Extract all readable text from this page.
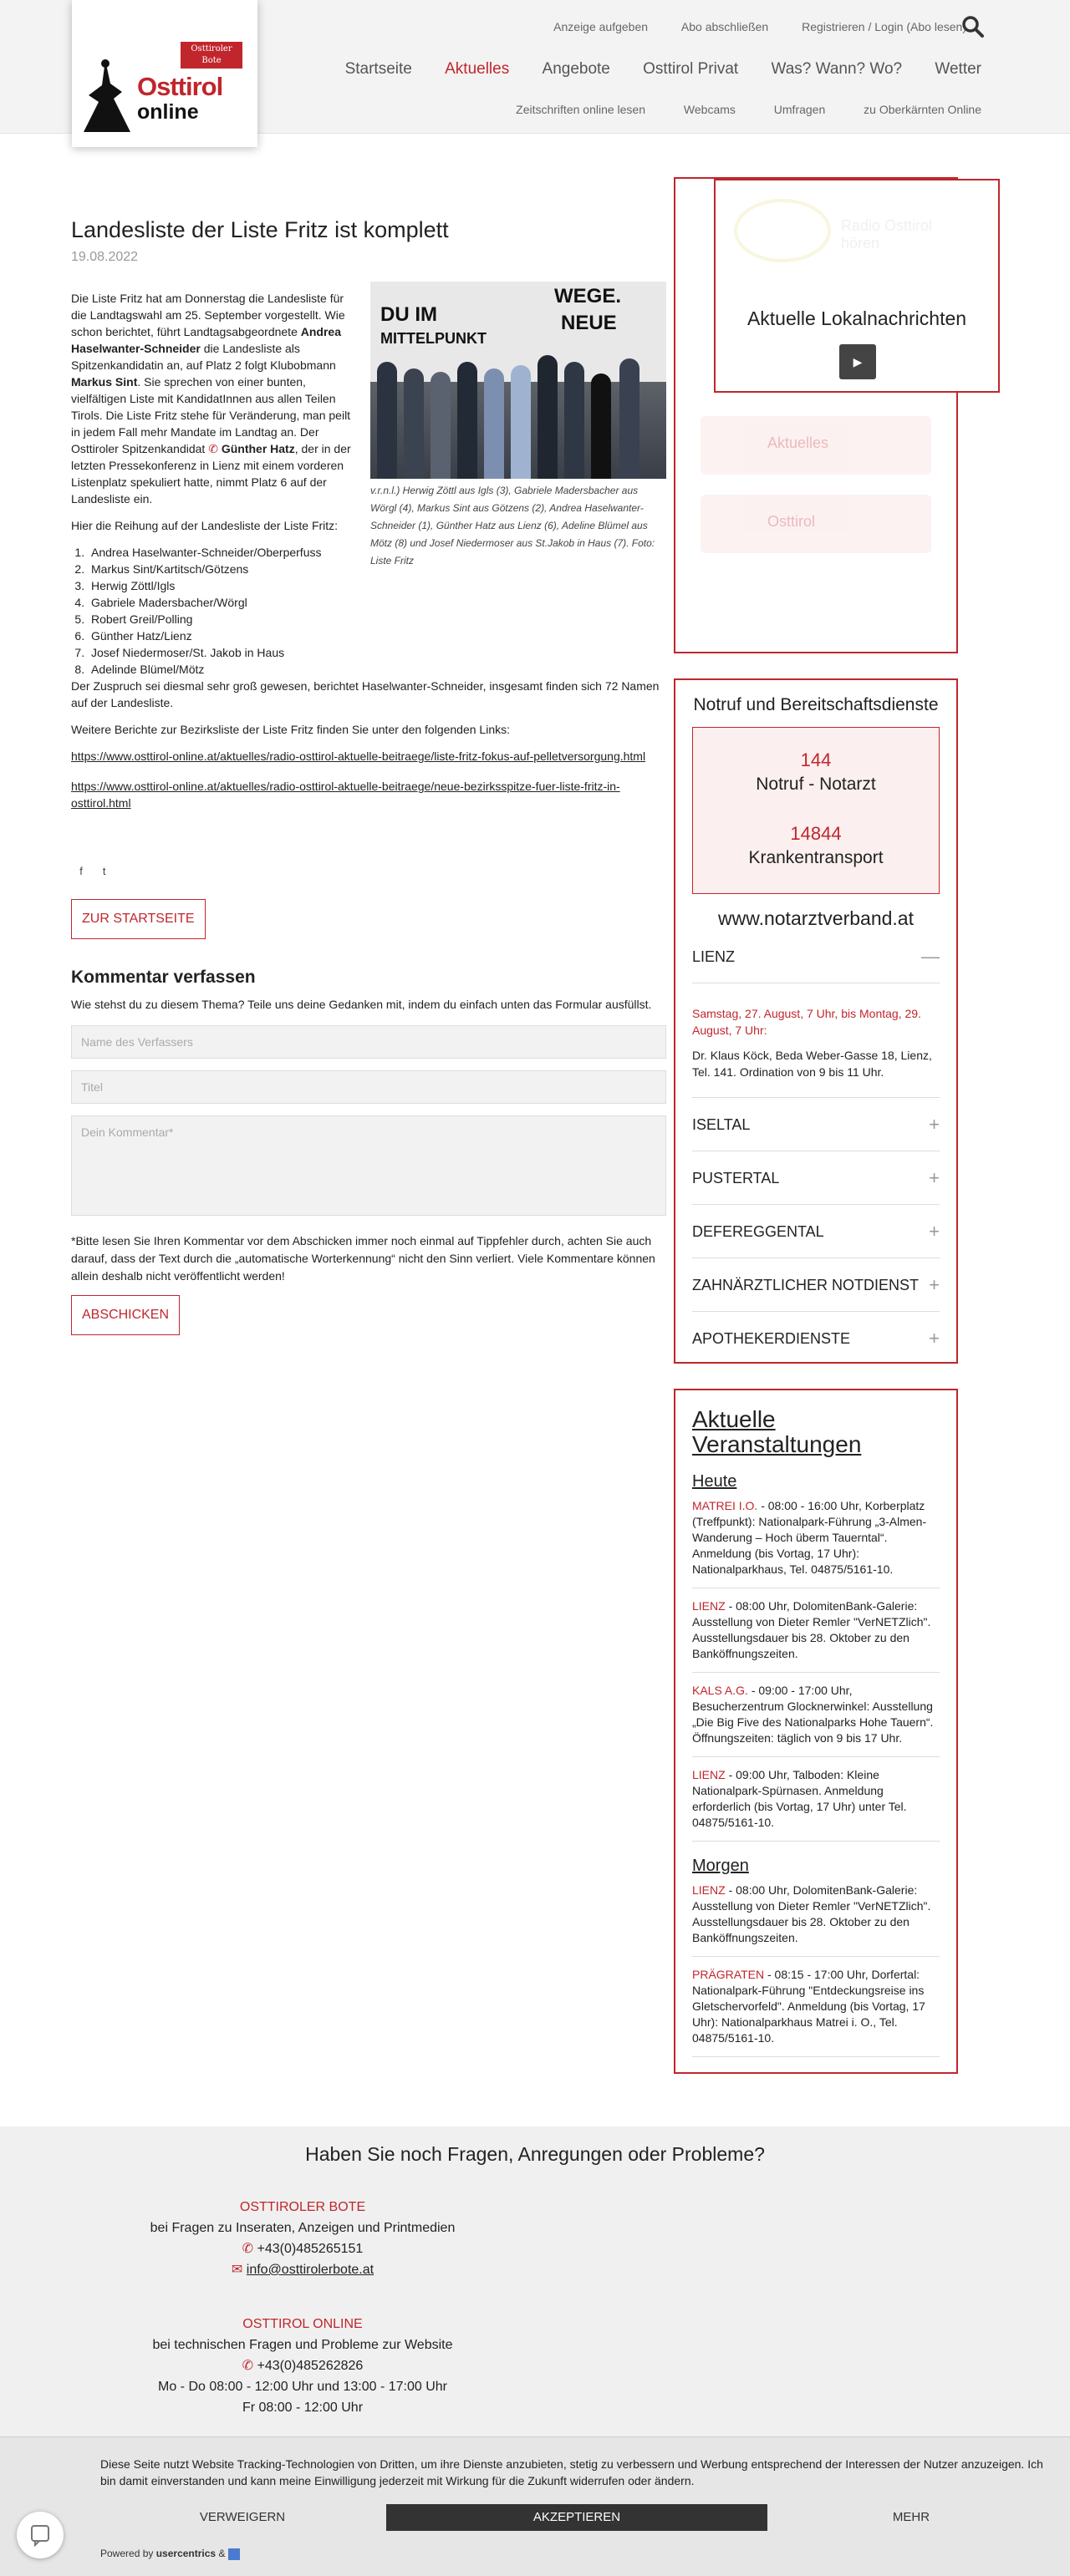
Anzeige aufgeben	Abo abschließen	Registrieren / Login (Abo lesen)
Startseite Aktuelles Angebote Osttirol Privat Was? Wann? Wo? Wetter
Zeitschriften online lesen	Webcams	Umfragen	zu Oberkärnten Online
Osttiroler Bote
Osttirol
online
Landesliste der Liste Fritz ist komplett
19.08.2022
DU IM
MITTELPUNKT
WEGE.
NEUE
v.r.n.l.) Herwig Zöttl aus Igls (3), Gabriele Madersbacher aus Wörgl (4), Markus Sint aus Götzens (2), Andrea Haselwanter-Schneider (1), Günther Hatz aus Lienz (6), Adeline Blümel aus Mötz (8) und Josef Niedermoser aus St.Jakob in Haus (7). Foto: Liste Fritz

Die Liste Fritz hat am Donnerstag die Landesliste für die Landtagswahl am 25. September vorgestellt. Wie schon berichtet, führt Landtagsabgeordnete Andrea Haselwanter-Schneider die Landesliste als Spitzenkandidatin an, auf Platz 2 folgt Klubobmann Markus Sint. Sie sprechen von einer bunten, vielfältigen Liste mit KandidatInnen aus allen Teilen Tirols. Die Liste Fritz stehe für Veränderung, man peilt in jedem Fall mehr Mandate im Landtag an. Der Osttiroler Spitzenkandidat ✆ Günther Hatz, der in der letzten Pressekonferenz in Lienz mit einem vorderen Listenplatz spekuliert hatte, nimmt Platz 6 auf der Landesliste ein.

Hier die Reihung auf der Landesliste der Liste Fritz:

1. Andrea Haselwanter-Schneider/Oberperfuss
2. Markus Sint/Kartitsch/Götzens
3. Herwig Zöttl/Igls
4. Gabriele Madersbacher/Wörgl
5. Robert Greil/Polling
6. Günther Hatz/Lienz
7. Josef Niedermoser/St. Jakob in Haus
8. Adelinde Blümel/Mötz

Der Zuspruch sei diesmal sehr groß gewesen, berichtet Haselwanter-Schneider, insgesamt finden sich 72 Namen auf der Landesliste.

Weitere Berichte zur Bezirksliste der Liste Fritz finden Sie unter den folgenden Links:

https://www.osttirol-online.at/aktuelles/radio-osttirol-aktuelle-beitraege/liste-fritz-fokus-auf-pelletversorgung.html
https://www.osttirol-online.at/aktuelles/radio-osttirol-aktuelle-beitraege/neue-bezirksspitze-fuer-liste-fritz-in-osttirol.html
f t
ZUR STARTSEITE
Kommentar verfassen

Wie stehst du zu diesem Thema? Teile uns deine Gedanken mit, indem du einfach unten das Formular ausfüllst.

Name des Verfassers
Titel
Dein Kommentar*
*Bitte lesen Sie Ihren Kommentar vor dem Abschicken immer noch einmal auf Tippfehler durch, achten Sie auch darauf, dass der Text durch die „automatische Worterkennung“ nicht den Sinn verliert. Viele Kommentare können allein deshalb nicht veröffentlicht werden!
ABSCHICKEN
Aktuelles
Osttirol
Radio Osttirol hören
Aktuelle Lokalnachrichten
▶
Notruf und Bereitschaftsdienste
144
Notruf - Notarzt
14844
Krankentransport
www.notarztverband.at
LIENZ	—
Samstag, 27. August, 7 Uhr, bis Montag, 29. August, 7 Uhr:
Dr. Klaus Köck, Beda Weber-Gasse 18, Lienz, Tel. 141. Ordination von 9 bis 11 Uhr.
ISELTAL	+
PUSTERTAL	+
DEFEREGGENTAL	+
ZAHNÄRZTLICHER NOTDIENST +
APOTHEKERDIENSTE	+
Aktuelle Veranstaltungen
Heute
MATREI I.O. - 08:00 - 16:00 Uhr, Korberplatz (Treffpunkt): Nationalpark-Führung „3-Almen-Wanderung – Hoch überm Tauerntal“. Anmeldung (bis Vortag, 17 Uhr): Nationalparkhaus, Tel. 04875/5161-10.
LIENZ - 08:00 Uhr, DolomitenBank-Galerie: Ausstellung von Dieter Remler "VerNETZlich". Ausstellungsdauer bis 28. Oktober zu den Banköffnungszeiten.
KALS A.G. - 09:00 - 17:00 Uhr, Besucherzentrum Glocknerwinkel: Ausstellung „Die Big Five des Nationalparks Hohe Tauern“. Öffnungszeiten: täglich von 9 bis 17 Uhr.
LIENZ - 09:00 Uhr, Talboden: Kleine Nationalpark-Spürnasen. Anmeldung erforderlich (bis Vortag, 17 Uhr) unter Tel. 04875/5161-10.
Morgen
LIENZ - 08:00 Uhr, DolomitenBank-Galerie: Ausstellung von Dieter Remler "VerNETZlich". Ausstellungsdauer bis 28. Oktober zu den Banköffnungszeiten.
PRÄGRATEN - 08:15 - 17:00 Uhr, Dorfertal: Nationalpark-Führung "Entdeckungsreise ins Gletschervorfeld". Anmeldung (bis Vortag, 17 Uhr): Nationalparkhaus Matrei i. O., Tel. 04875/5161-10.
Haben Sie noch Fragen, Anregungen oder Probleme?
OSTTIROLER BOTE
bei Fragen zu Inseraten, Anzeigen und Printmedien
✆ +43(0)485265151
✉ info@osttirolerbote.at
OSTTIROL ONLINE
bei technischen Fragen und Probleme zur Website
✆ +43(0)485262826
Mo - Do 08:00 - 12:00 Uhr und 13:00 - 17:00 Uhr
Fr 08:00 - 12:00 Uhr

Diese Seite nutzt Website Tracking-Technologien von Dritten, um ihre Dienste anzubieten, stetig zu verbessern und Werbung entsprechend der Interessen der Nutzer anzuzeigen. Ich bin damit einverstanden und kann meine Einwilligung jederzeit mit Wirkung für die Zukunft widerrufen oder ändern.

VERWEIGERN	AKZEPTIEREN	MEHR
Powered by usercentrics &
